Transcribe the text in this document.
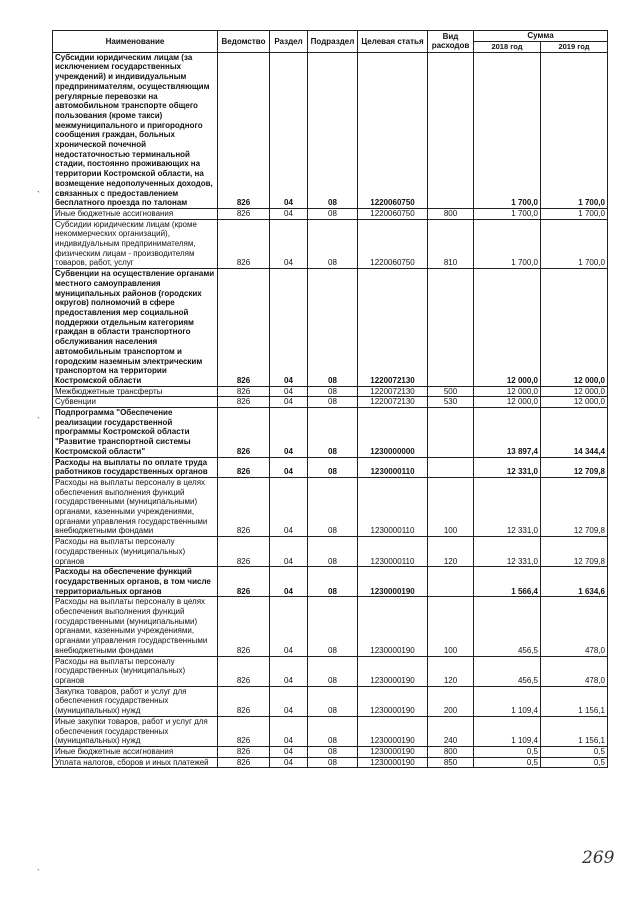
Наименование	Ведомство	Раздел	Подраздел	Целевая статья	Вид расходов	Сумма	
						2018 год	2019 год
Субсидии юридическим лицам (за исключением государственных учреждений) и индивидуальным предпринимателям, осуществляющим регулярные перевозки на автомобильном транспорте общего пользования (кроме такси) межмуниципального и пригородного сообщения граждан, больных хронической почечной недостаточностью терминальной стадии, постоянно проживающих на территории Костромской области, на возмещение недополученных доходов, связанных с предоставлением бесплатного проезда по талонам	826	04	08	1220060750		1 700,0	1 700,0
Иные бюджетные ассигнования	826	04	08	1220060750	800	1 700,0	1 700,0
Субсидии юридическим лицам (кроме некоммерческих организаций), индивидуальным предпринимателям, физическим лицам - производителям товаров, работ, услуг	826	04	08	1220060750	810	1 700,0	1 700,0
Субвенции на осуществление органами местного самоуправления муниципальных районов (городских округов) полномочий в сфере предоставления мер социальной поддержки отдельным категориям граждан в области транспортного обслуживания населения автомобильным транспортом и городским наземным электрическим транспортом на территории Костромской области	826	04	08	1220072130		12 000,0	12 000,0
Межбюджетные трансферты	826	04	08	1220072130	500	12 000,0	12 000,0
Субвенции	826	04	08	1220072130	530	12 000,0	12 000,0
Подпрограмма "Обеспечение реализации государственной программы Костромской области "Развитие транспортной системы Костромской области"	826	04	08	1230000000		13 897,4	14 344,4
Расходы на выплаты по оплате труда работников государственных органов	826	04	08	1230000110		12 331,0	12 709,8
Расходы на выплаты персоналу в целях обеспечения выполнения функций государственными (муниципальными) органами, казенными учреждениями, органами управления государственными внебюджетными фондами	826	04	08	1230000110	100	12 331,0	12 709,8
Расходы на выплаты персоналу государственных (муниципальных) органов	826	04	08	1230000110	120	12 331,0	12 709,8
Расходы на обеспечение функций государственных органов, в том числе территориальных органов	826	04	08	1230000190		1 566,4	1 634,6
Расходы на выплаты персоналу в целях обеспечения выполнения функций государственными (муниципальными) органами, казенными учреждениями, органами управления государственными внебюджетными фондами	826	04	08	1230000190	100	456,5	478,0
Расходы на выплаты персоналу государственных (муниципальных) органов	826	04	08	1230000190	120	456,5	478,0
Закупка товаров, работ и услуг для обеспечения государственных (муниципальных) нужд	826	04	08	1230000190	200	1 109,4	1 156,1
Иные закупки товаров, работ и услуг для обеспечения государственных (муниципальных) нужд	826	04	08	1230000190	240	1 109,4	1 156,1
Иные бюджетные ассигнования	826	04	08	1230000190	800	0,5	0,5
Уплата налогов, сборов и иных платежей	826	04	08	1230000190	850	0,5	0,5
269
`
`
`
